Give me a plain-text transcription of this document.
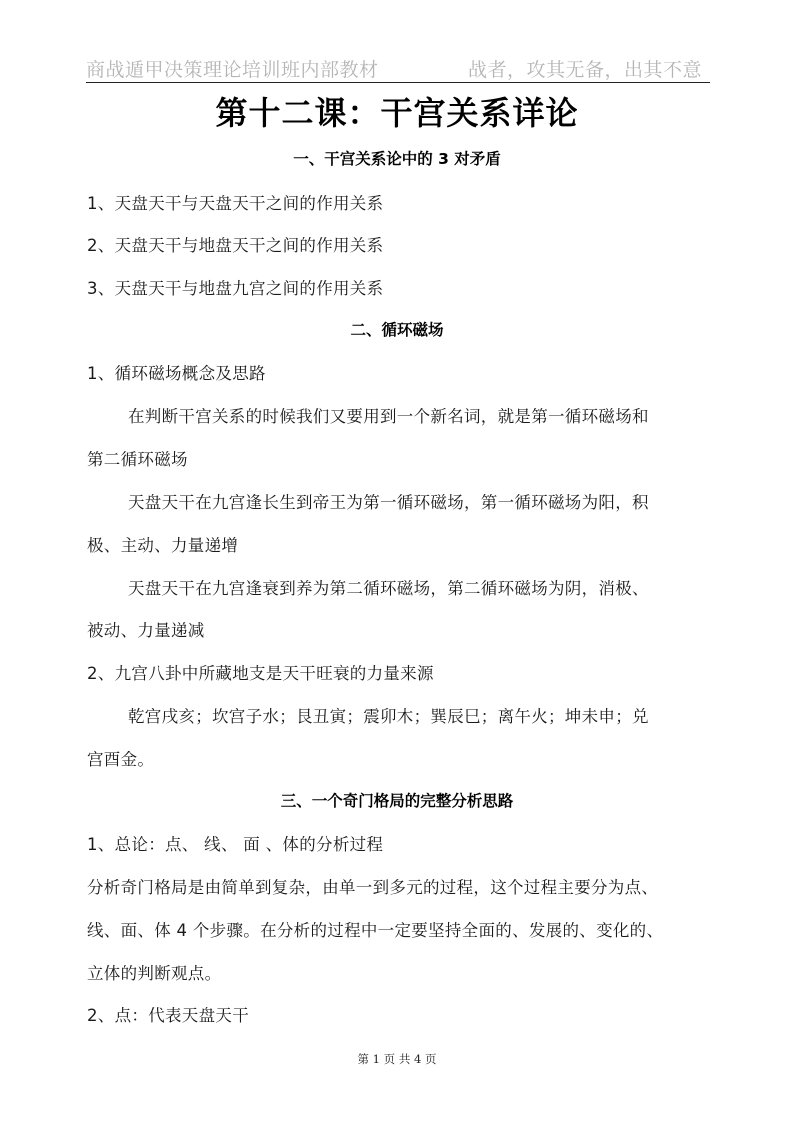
商战遁甲决策理论培训班内部教材	战者，攻其无备，出其不意
第十二课：干宫关系详论
一、干宫关系论中的 3 对矛盾
1、天盘天干与天盘天干之间的作用关系
2、天盘天干与地盘天干之间的作用关系
3、天盘天干与地盘九宫之间的作用关系
二、循环磁场
1、循环磁场概念及思路
在判断干宫关系的时候我们又要用到一个新名词，就是第一循环磁场和
第二循环磁场
天盘天干在九宫逢长生到帝王为第一循环磁场，第一循环磁场为阳，积
极、主动、力量递增
天盘天干在九宫逢衰到养为第二循环磁场，第二循环磁场为阴，消极、
被动、力量递减
2、九宫八卦中所藏地支是天干旺衰的力量来源
乾宫戌亥；坎宫子水；艮丑寅；震卯木；巽辰巳；离午火；坤未申；兑
宫酉金。
三、一个奇门格局的完整分析思路
1、总论：点、 线、 面 、体的分析过程
分析奇门格局是由简单到复杂，由单一到多元的过程，这个过程主要分为点、
线、面、体 4 个步骤。在分析的过程中一定要坚持全面的、发展的、变化的、
立体的判断观点。
2、点：代表天盘天干
第 1 页 共 4 页
